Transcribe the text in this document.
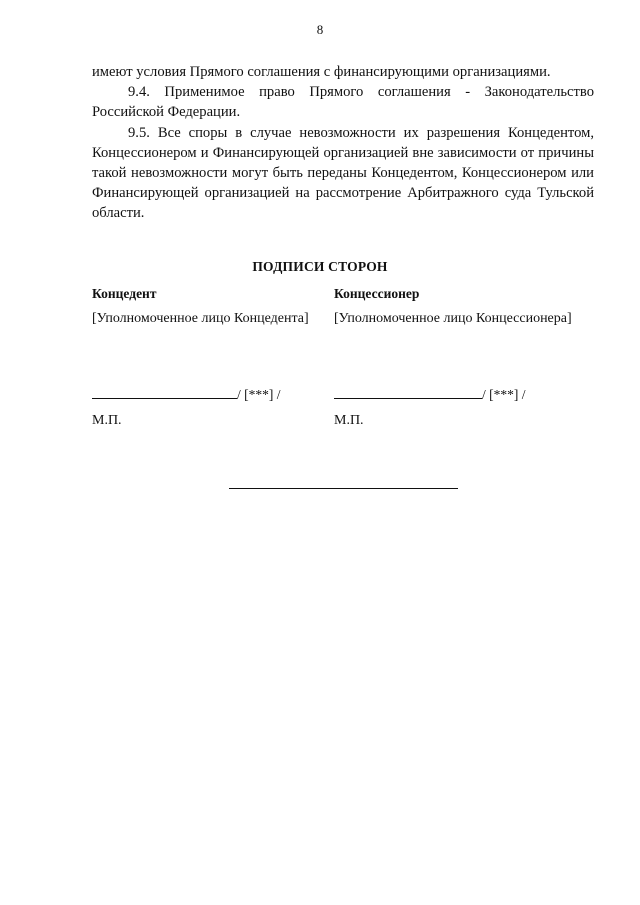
8

имеют условия Прямого соглашения с финансирующими организациями.

9.4. Применимое право Прямого соглашения - Законодательство Российской Федерации.

9.5. Все споры в случае невозможности их разрешения Концедентом, Концессионером и Финансирующей организацией вне зависимости от причины такой невозможности могут быть переданы Концедентом, Концессионером или Финансирующей организацией на рассмотрение Арбитражного суда Тульской области.

ПОДПИСИ СТОРОН
Концедент
[Уполномоченное лицо Концедента]
/ [***] /
М.П.
Концессионер
[Уполномоченное лицо Концессионера]
/ [***] /
М.П.
